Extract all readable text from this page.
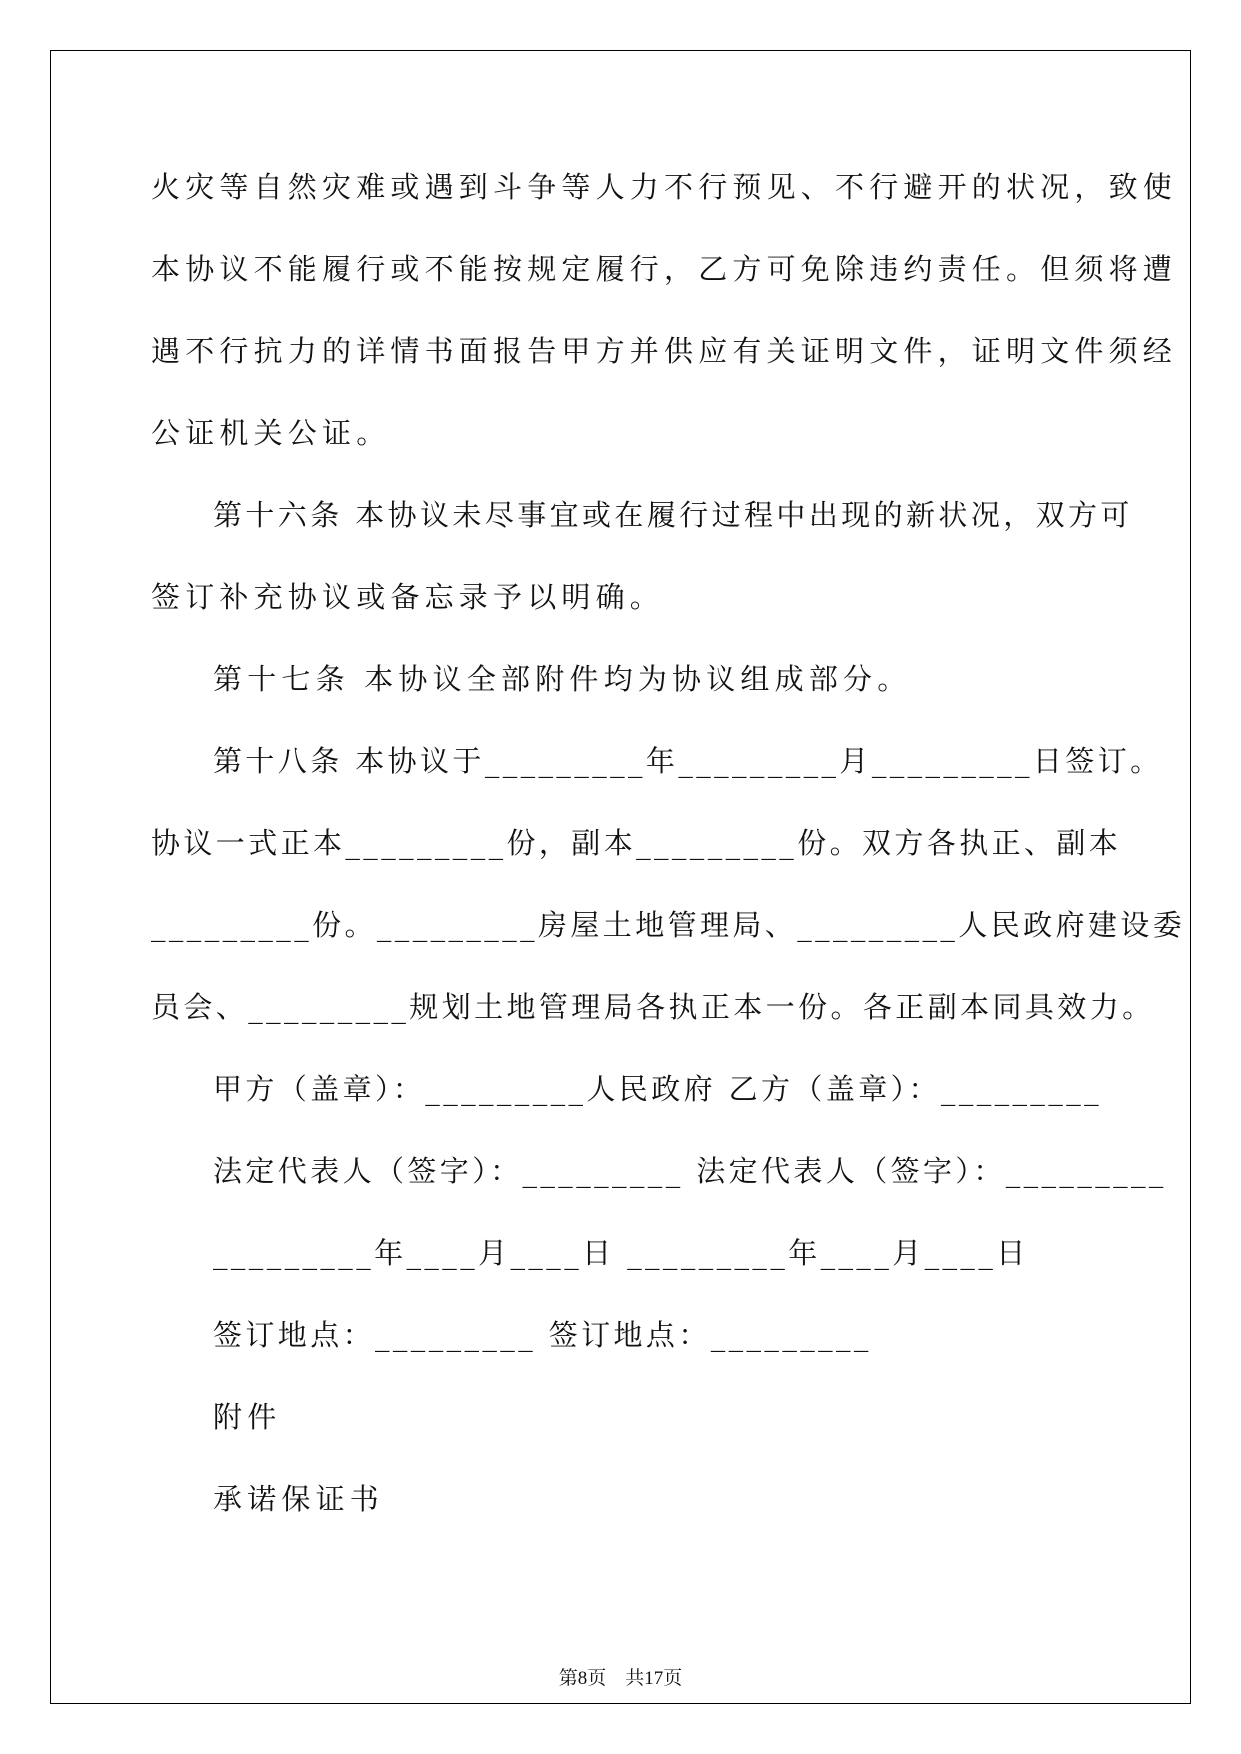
火灾等自然灾难或遇到斗争等人力不行预见、不行避开的状况，致使
本协议不能履行或不能按规定履行，乙方可免除违约责任。但须将遭
遇不行抗力的详情书面报告甲方并供应有关证明文件，证明文件须经
公证机关公证。
第十六条 本协议未尽事宜或在履行过程中出现的新状况，双方可
签订补充协议或备忘录予以明确。
第十七条 本协议全部附件均为协议组成部分。
第十八条 本协议于_________年_________月_________日签订。
协议一式正本_________份，副本_________份。双方各执正、副本
_________份。_________房屋土地管理局、_________人民政府建设委
员会、_________规划土地管理局各执正本一份。各正副本同具效力。
甲方（盖章）：_________人民政府 乙方（盖章）：_________
法定代表人（签字）：_________ 法定代表人（签字）：_________
_________年____月____日 _________年____月____日
签订地点：_________ 签订地点：_________
附件
承诺保证书
第8页　共17页
